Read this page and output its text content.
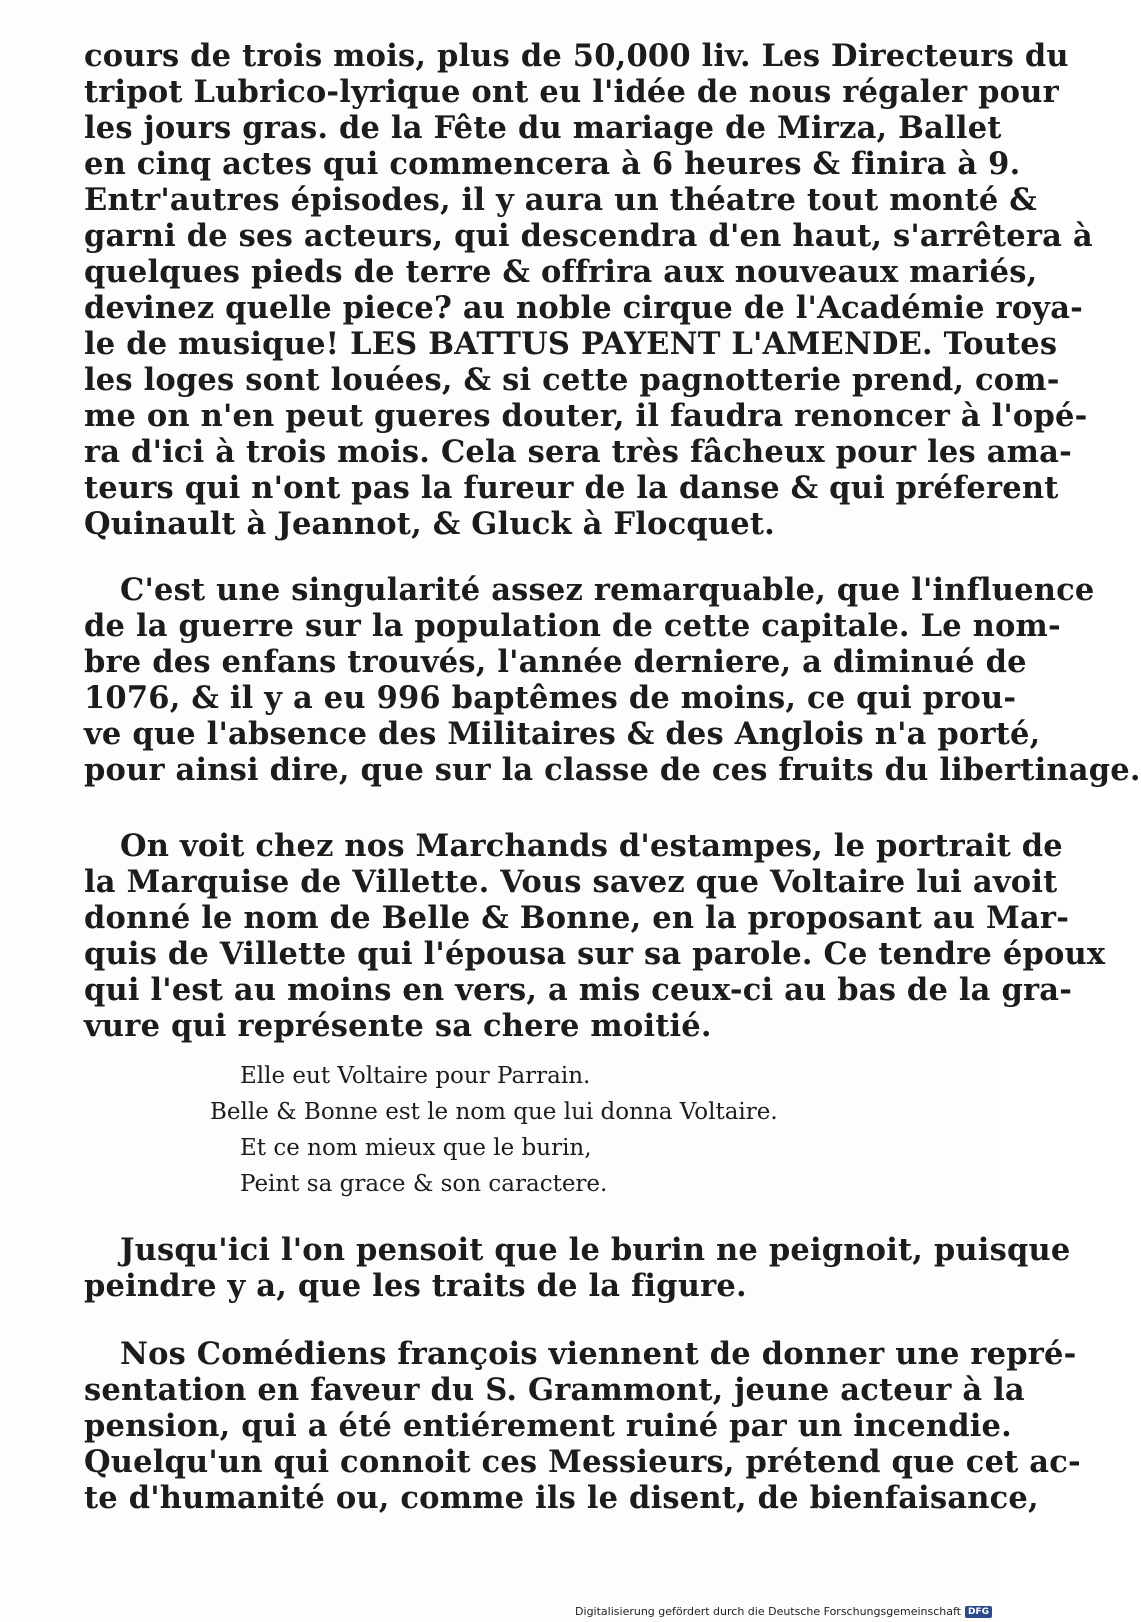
cours de trois mois, plus de 50,000 liv. Les Directeurs du
tripot Lubrico-lyrique ont eu l'idée de nous régaler pour
les jours gras. de la Fête du mariage de Mirza, Ballet
en cinq actes qui commencera à 6 heures & finira à 9.
Entr'autres épisodes, il y aura un théatre tout monté &
garni de ses acteurs, qui descendra d'en haut, s'arrêtera à
quelques pieds de terre & offrira aux nouveaux mariés,
devinez quelle piece? au noble cirque de l'Académie roya-
le de musique! LES BATTUS PAYENT L'AMENDE. Toutes
les loges sont louées, & si cette pagnotterie prend, com-
me on n'en peut gueres douter, il faudra renoncer à l'opé-
ra d'ici à trois mois. Cela sera très fâcheux pour les ama-
teurs qui n'ont pas la fureur de la danse & qui préferent
Quinault à Jeannot, & Gluck à Flocquet.
C'est une singularité assez remarquable, que l'influence
de la guerre sur la population de cette capitale. Le nom-
bre des enfans trouvés, l'année derniere, a diminué de
1076, & il y a eu 996 baptêmes de moins, ce qui prou-
ve que l'absence des Militaires & des Anglois n'a porté,
pour ainsi dire, que sur la classe de ces fruits du libertinage.
On voit chez nos Marchands d'estampes, le portrait de
la Marquise de Villette. Vous savez que Voltaire lui avoit
donné le nom de Belle & Bonne, en la proposant au Mar-
quis de Villette qui l'épousa sur sa parole. Ce tendre époux
qui l'est au moins en vers, a mis ceux-ci au bas de la gra-
vure qui représente sa chere moitié.
Elle eut Voltaire pour Parrain.
Belle & Bonne est le nom que lui donna Voltaire.
Et ce nom mieux que le burin,
Peint sa grace & son caractere.
Jusqu'ici l'on pensoit que le burin ne peignoit, puisque
peindre y a, que les traits de la figure.
Nos Comédiens françois viennent de donner une repré-
sentation en faveur du S. Grammont, jeune acteur à la
pension, qui a été entiérement ruiné par un incendie.
Quelqu'un qui connoit ces Messieurs, prétend que cet ac-
te d'humanité ou, comme ils le disent, de bienfaisance,
Digitalisierung gefördert durch die Deutsche Forschungsgemeinschaft DFG
